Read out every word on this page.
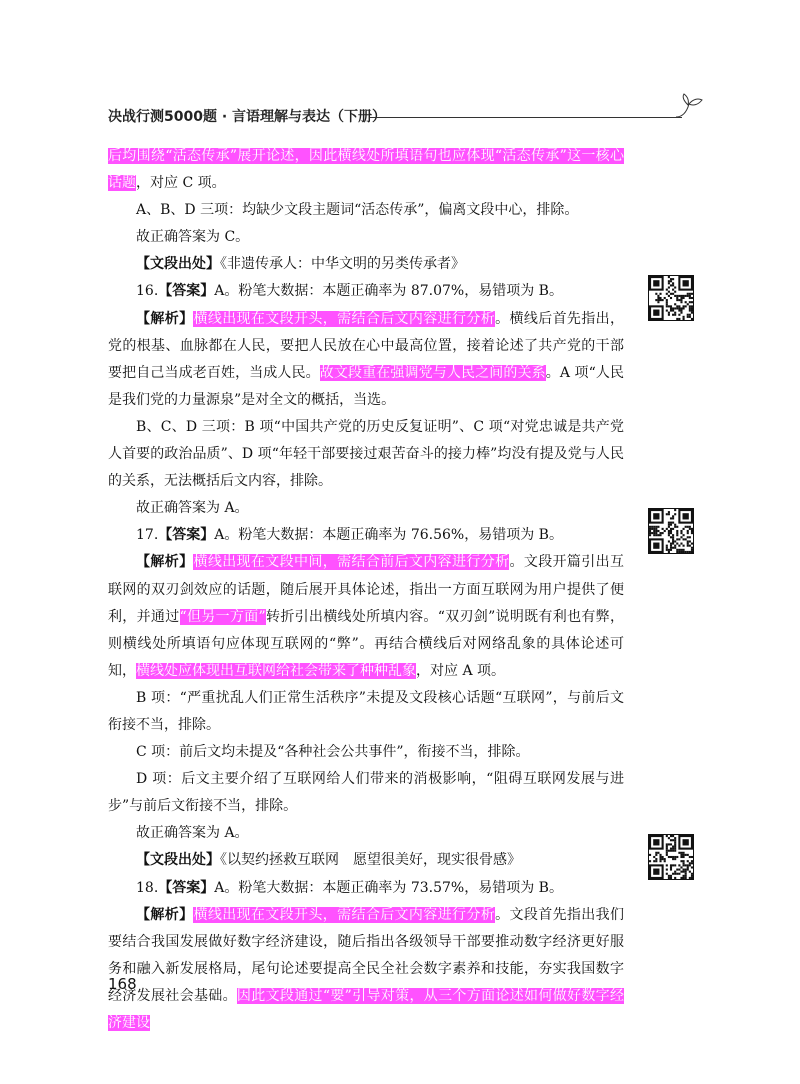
决战行测5000题 · 言语理解与表达（下册）

后均围绕“活态传承”展开论述，因此横线处所填语句也应体现“活态传承”这一核心话题，对应 C 项。

A、B、D 三项：均缺少文段主题词“活态传承”，偏离文段中心，排除。

故正确答案为 C。

【文段出处】《非遗传承人：中华文明的另类传承者》

16.【答案】A。粉笔大数据：本题正确率为 87.07%，易错项为 B。

【解析】横线出现在文段开头，需结合后文内容进行分析。横线后首先指出，党的根基、血脉都在人民，要把人民放在心中最高位置，接着论述了共产党的干部要把自己当成老百姓，当成人民。故文段重在强调党与人民之间的关系。A 项“人民是我们党的力量源泉”是对全文的概括，当选。

B、C、D 三项：B 项“中国共产党的历史反复证明”、C 项“对党忠诚是共产党人首要的政治品质”、D 项“年轻干部要接过艰苦奋斗的接力棒”均没有提及党与人民的关系，无法概括后文内容，排除。

故正确答案为 A。

17.【答案】A。粉笔大数据：本题正确率为 76.56%，易错项为 B。

【解析】横线出现在文段中间，需结合前后文内容进行分析。文段开篇引出互联网的双刃剑效应的话题，随后展开具体论述，指出一方面互联网为用户提供了便利，并通过“但另一方面”转折引出横线处所填内容。“双刃剑”说明既有利也有弊，则横线处所填语句应体现互联网的“弊”。再结合横线后对网络乱象的具体论述可知，横线处应体现出互联网给社会带来了种种乱象，对应 A 项。

B 项：“严重扰乱人们正常生活秩序”未提及文段核心话题“互联网”，与前后文衔接不当，排除。

C 项：前后文均未提及“各种社会公共事件”，衔接不当，排除。

D 项：后文主要介绍了互联网给人们带来的消极影响，“阻碍互联网发展与进步”与前后文衔接不当，排除。

故正确答案为 A。

【文段出处】《以契约拯救互联网　愿望很美好，现实很骨感》

18.【答案】A。粉笔大数据：本题正确率为 73.57%，易错项为 B。

【解析】横线出现在文段开头，需结合后文内容进行分析。文段首先指出我们要结合我国发展做好数字经济建设，随后指出各级领导干部要推动数字经济更好服务和融入新发展格局，尾句论述要提高全民全社会数字素养和技能，夯实我国数字经济发展社会基础。因此文段通过“要”引导对策，从三个方面论述如何做好数字经济建设

168
